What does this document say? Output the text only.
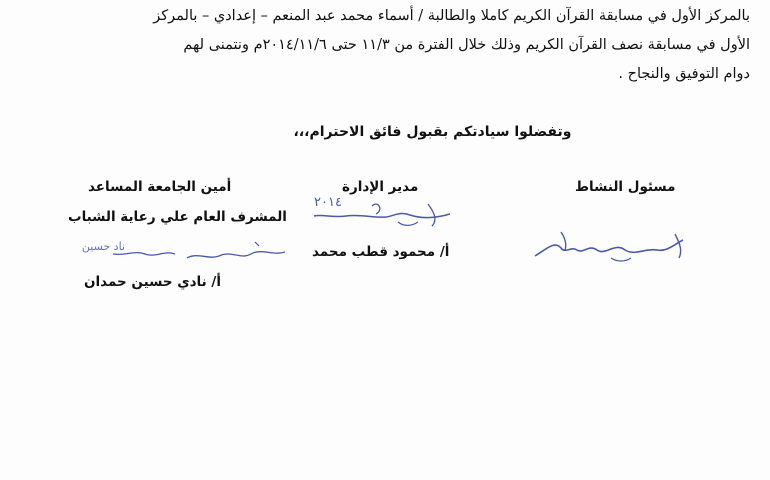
بالمركز الأول في مسابقة القرآن الكريم كاملا والطالبة / أسماء محمد عبد المنعم – إعدادي – بالمركز
الأول في مسابقة نصف القرآن الكريم وذلك خلال الفترة من ١١/٣ حتى ٢٠١٤/١١/٦م ونتمنى لهم
دوام التوفيق والنجاح .
وتفضلوا سيادتكم بقبول فائق الاحترام،،،
أمين الجامعة المساعد
المشرف العام علي رعاية الشباب
أ/ نادي حسين حمدان
مدير الإدارة
أ/ محمود قطب محمد
مسئول النشاط
٢٠١٤
ناد حسين
